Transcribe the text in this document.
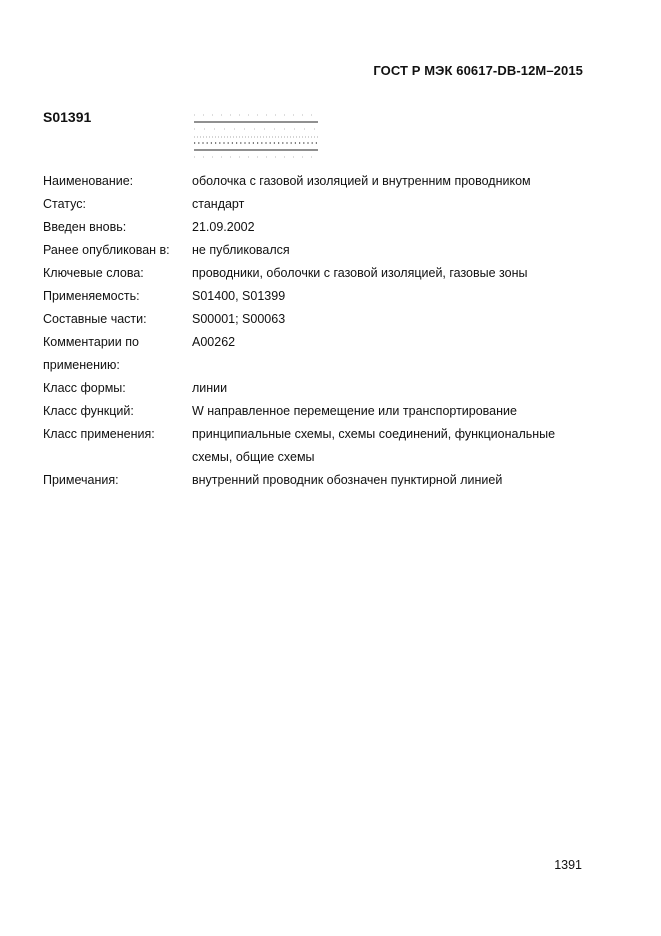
ГОСТ Р МЭК 60617-DB-12M–2015
S01391
Наименование:	оболочка с газовой изоляцией и внутренним проводником
Статус:	стандарт
Введен вновь:	21.09.2002
Ранее опубликован в:	не публиковался
Ключевые слова:	проводники, оболочки с газовой изоляцией, газовые зоны
Применяемость:	S01400, S01399
Составные части:	S00001; S00063
Комментарии по применению:
A00262
Класс формы:	линии
Класс функций:	W направленное перемещение или транспортирование
Класс применения:	принципиальные схемы, схемы соединений, функциональные схемы, общие схемы
Примечания:	внутренний проводник обозначен пунктирной линией
1391
